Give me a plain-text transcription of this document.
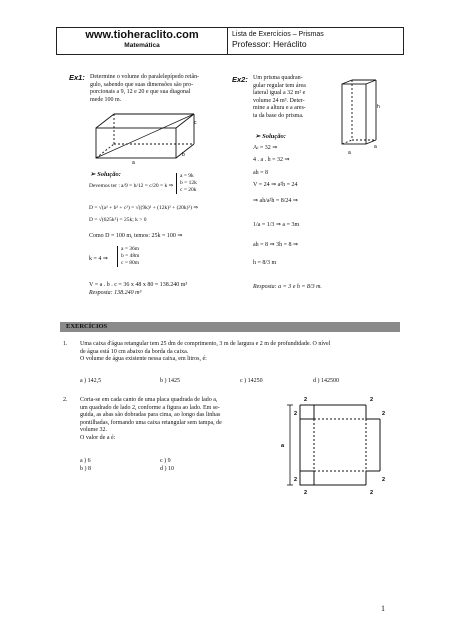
www.tioheraclito.com
Matemática
Lista de Exercícios – Prismas
Professor: Heráclito
Ex1: Determine o volume do paralelepípedo retân-
gulo, sabendo que suas dimensões são pro-
porcionais a 9, 12 e 20 e que sua diagonal
mede 100 m.
c
b
a
➢ Solução:
Devemos ter : a/9 = b/12 = c/20 = k ⇒
a = 9k
b = 12k
c = 20k
D = √(a² + b² + c²) = √((9k)² + (12k)² + (20k)²) ⇒
D = √(625k²) = 25k; k > 0
Como D = 100 m, temos: 25k = 100 ⇒
k = 4 ⇒
a = 36m
b = 48m
c = 80m
V = a . b . c = 36 x 48 x 80 = 138.240 m³
Resposta: 138.240 m³
Ex2: Um prisma quadran-
gular regular tem área
lateral igual a 32 m² e
volume 24 m³. Deter-
mine a altura e a ares-
ta da base do prisma.
h
a
a
➢ Solução:
Aₗ = 32 ⇒
4 . a . h = 32 ⇒
ah = 8
V = 24 ⇒ a²h = 24
⇒ ah/a²h = 8/24 ⇒
1/a = 1/3 ⇒ a = 3m
ah = 8 ⇒ 3h = 8 ⇒
h = 8/3 m
Resposta: a = 3 e h = 8/3 m.
EXERCÍCIOS
1. Uma caixa d'água retangular tem 25 dm de comprimento, 3 m de largura e 2 m de profundidade. O nível
de água está 10 cm abaixo da borda da caixa.
O volume de água existente nessa caixa, em litros, é:
a ) 142,5	b ) 1425	c ) 14250	d ) 142500
2. Corta-se em cada canto de uma placa quadrada de lado a,
um quadrado de lado 2, conforme a figura ao lado. Em se-
guida, as abas são dobradas para cima, ao longo das linhas
pontilhadas, formando uma caixa retangular sem tampa, de
volume 32.
O valor de a é:
a ) 6
b ) 8
c ) 9
d ) 10
2	2
2	2
2	2
2	2
a
1
